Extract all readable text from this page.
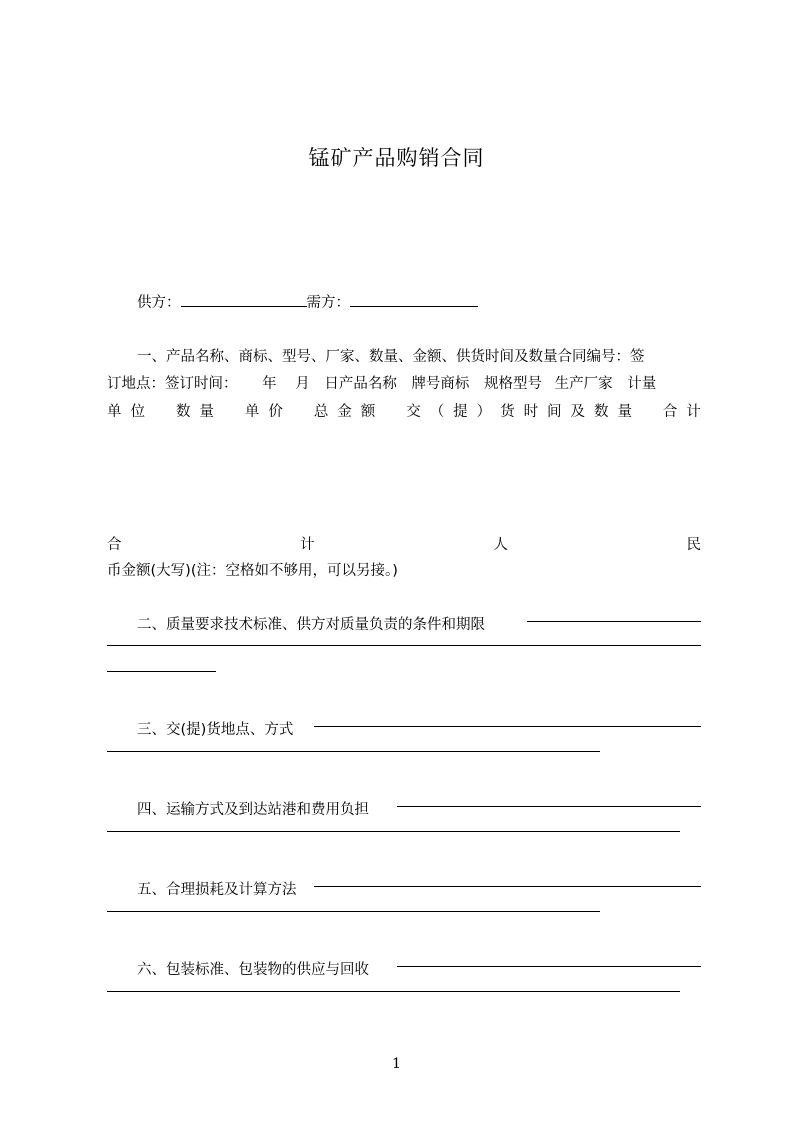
锰矿产品购销合同
供方：	需方：
一、产品名称、商标、型号、厂家、数量、金额、供货时间及数量合同编号：签
订地点：签订时间： 年 月 日产品名称 牌号商标 规格型号 生产厂家 计量
单 位 数 量 单 价 总 金 额 交 （ 提 ） 货 时 间 及 数 量 合 计
合	计	人	民
币金额(大写)(注：空格如不够用，可以另接。)
二、质量要求技术标准、供方对质量负责的条件和期限
三、交(提)货地点、方式
四、运输方式及到达站港和费用负担
五、合理损耗及计算方法
六、包装标准、包装物的供应与回收
1
